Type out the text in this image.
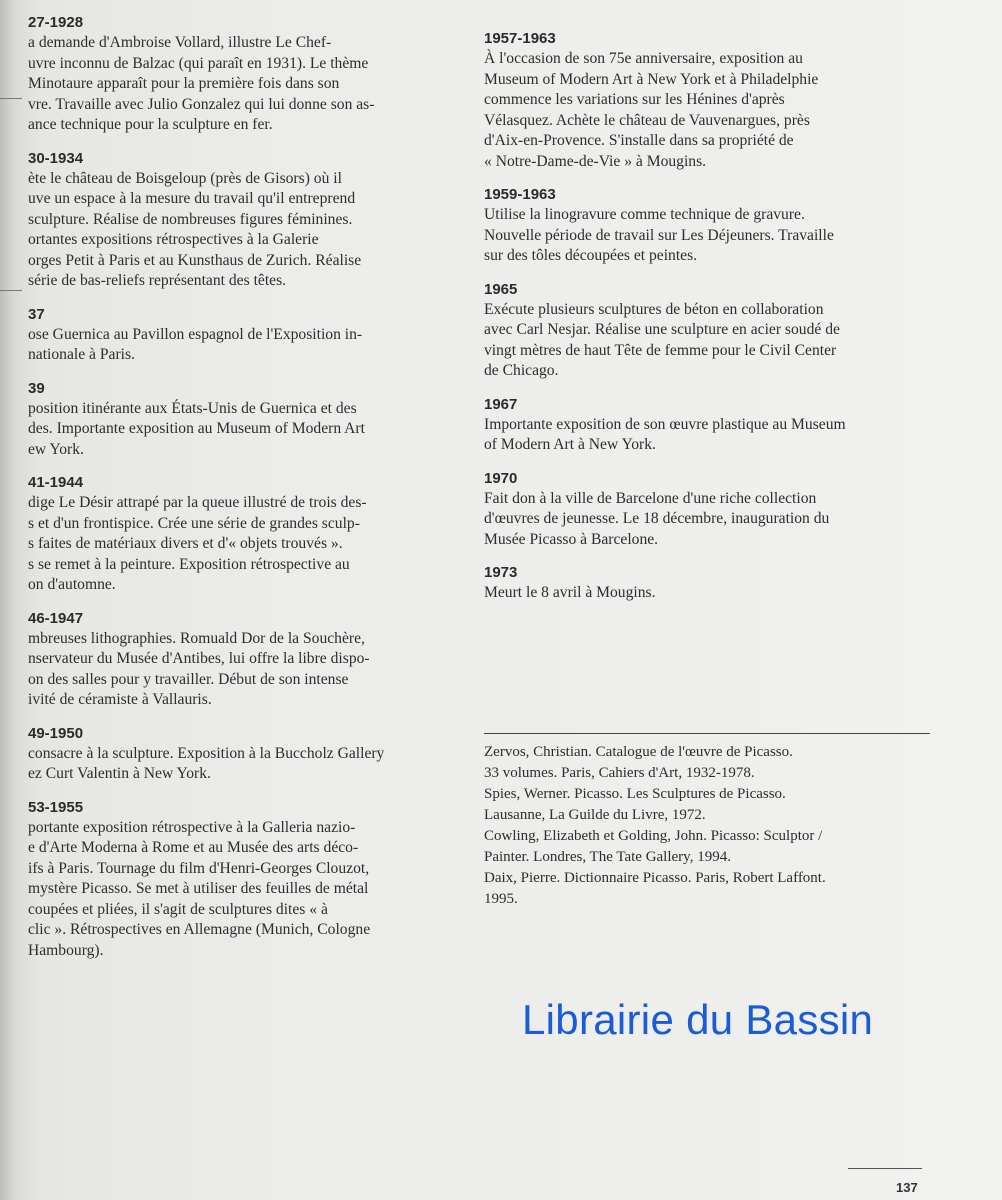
27-1928

a demande d'Ambroise Vollard, illustre Le Chef-
uvre inconnu de Balzac (qui paraît en 1931). Le thème
Minotaure apparaît pour la première fois dans son
vre. Travaille avec Julio Gonzalez qui lui donne son as-
ance technique pour la sculpture en fer.

30-1934

ète le château de Boisgeloup (près de Gisors) où il
uve un espace à la mesure du travail qu'il entreprend
sculpture. Réalise de nombreuses figures féminines.
ortantes expositions rétrospectives à la Galerie
orges Petit à Paris et au Kunsthaus de Zurich. Réalise
série de bas-reliefs représentant des têtes.

37

ose Guernica au Pavillon espagnol de l'Exposition in-
nationale à Paris.

39

position itinérante aux États-Unis de Guernica et des
des. Importante exposition au Museum of Modern Art
ew York.

41-1944

dige Le Désir attrapé par la queue illustré de trois des-
s et d'un frontispice. Crée une série de grandes sculp-
s faites de matériaux divers et d'« objets trouvés ».
s se remet à la peinture. Exposition rétrospective au
on d'automne.

46-1947

mbreuses lithographies. Romuald Dor de la Souchère,
nservateur du Musée d'Antibes, lui offre la libre dispo-
on des salles pour y travailler. Début de son intense
ivité de céramiste à Vallauris.

49-1950

consacre à la sculpture. Exposition à la Buccholz Gallery
ez Curt Valentin à New York.

53-1955

portante exposition rétrospective à la Galleria nazio-
e d'Arte Moderna à Rome et au Musée des arts déco-
ifs à Paris. Tournage du film d'Henri-Georges Clouzot,
mystère Picasso. Se met à utiliser des feuilles de métal
coupées et pliées, il s'agit de sculptures dites « à
clic ». Rétrospectives en Allemagne (Munich, Cologne
Hambourg).

1957-1963

À l'occasion de son 75e anniversaire, exposition au
Museum of Modern Art à New York et à Philadelphie
commence les variations sur les Hénines d'après
Vélasquez. Achète le château de Vauvenargues, près
d'Aix-en-Provence. S'installe dans sa propriété de
« Notre-Dame-de-Vie » à Mougins.

1959-1963

Utilise la linogravure comme technique de gravure.
Nouvelle période de travail sur Les Déjeuners. Travaille
sur des tôles découpées et peintes.

1965

Exécute plusieurs sculptures de béton en collaboration
avec Carl Nesjar. Réalise une sculpture en acier soudé de
vingt mètres de haut Tête de femme pour le Civil Center
de Chicago.

1967

Importante exposition de son œuvre plastique au Museum
of Modern Art à New York.

1970

Fait don à la ville de Barcelone d'une riche collection
d'œuvres de jeunesse. Le 18 décembre, inauguration du
Musée Picasso à Barcelone.

1973

Meurt le 8 avril à Mougins.

Zervos, Christian. Catalogue de l'œuvre de Picasso.

33 volumes. Paris, Cahiers d'Art, 1932-1978.

Spies, Werner. Picasso. Les Sculptures de Picasso.

Lausanne, La Guilde du Livre, 1972.

Cowling, Elizabeth et Golding, John. Picasso: Sculptor /

Painter. Londres, The Tate Gallery, 1994.

Daix, Pierre. Dictionnaire Picasso. Paris, Robert Laffont.

1995.

Librairie du Bassin
137
